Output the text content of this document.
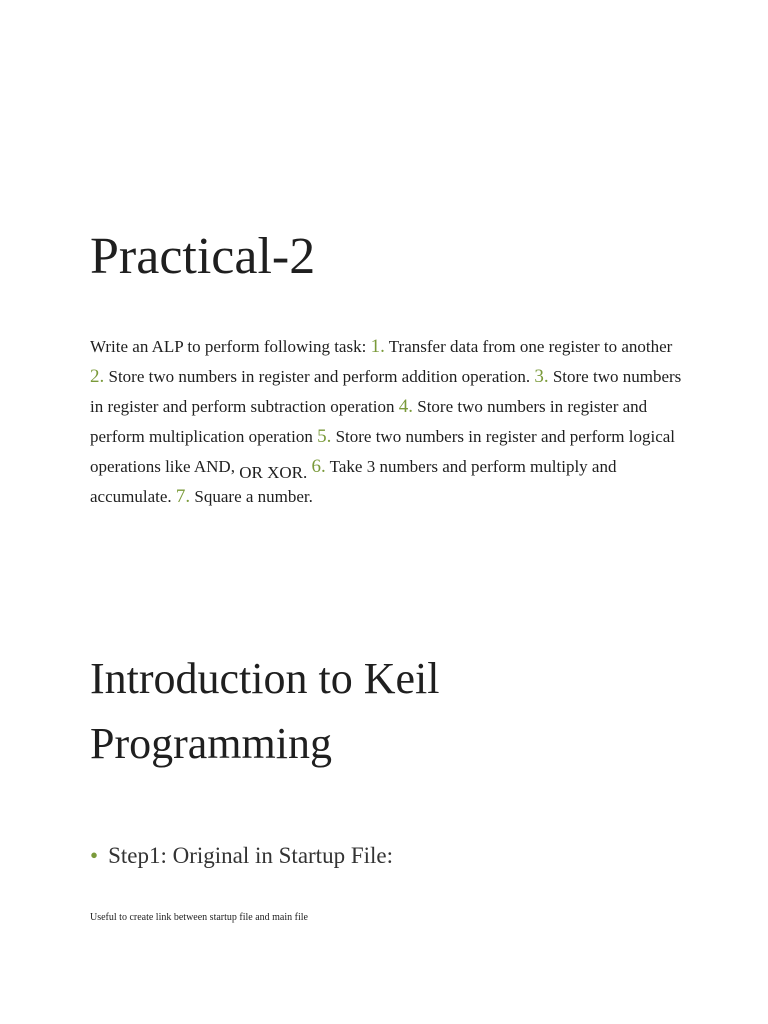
Practical-2

Write an ALP to perform following task: 1. Transfer data from one register to another 2. Store two numbers in register and perform addition operation. 3. Store two numbers in register and perform subtraction operation 4. Store two numbers in register and perform multiplication operation 5. Store two numbers in register and perform logical operations like AND, OR XOR. 6. Take 3 numbers and perform multiply and accumulate. 7. Square a number.

Introduction to Keil Programming
• Step1: Original in Startup File:
Useful to create link between startup file and main file
